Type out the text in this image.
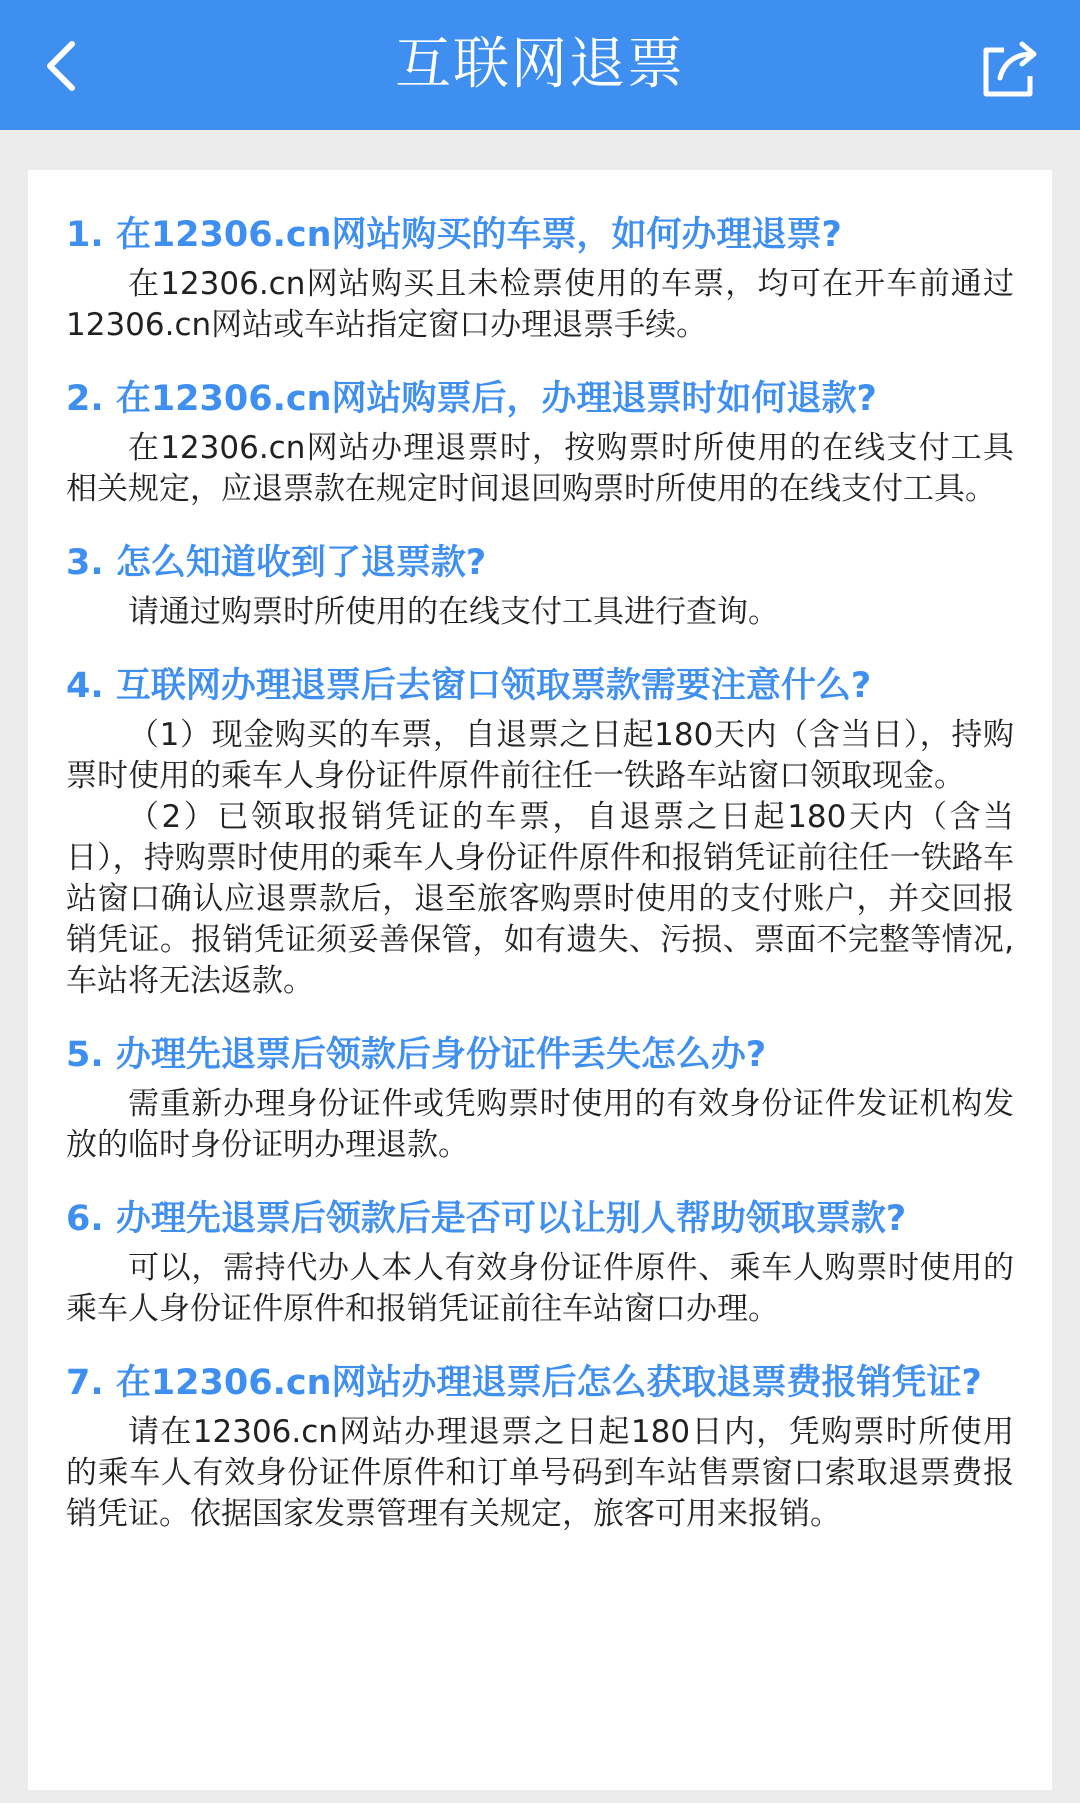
互联网退票
1. 在12306.cn网站购买的车票，如何办理退票?

在12306.cn网站购买且未检票使用的车票，均可在开车前通过12306.cn网站或车站指定窗口办理退票手续。

2. 在12306.cn网站购票后，办理退票时如何退款?

在12306.cn网站办理退票时，按购票时所使用的在线支付工具相关规定，应退票款在规定时间退回购票时所使用的在线支付工具。

3. 怎么知道收到了退票款?

请通过购票时所使用的在线支付工具进行查询。

4. 互联网办理退票后去窗口领取票款需要注意什么?

（1）现金购买的车票，自退票之日起180天内（含当日），持购票时使用的乘车人身份证件原件前往任一铁路车站窗口领取现金。

（2）已领取报销凭证的车票，自退票之日起180天内（含当日），持购票时使用的乘车人身份证件原件和报销凭证前往任一铁路车站窗口确认应退票款后，退至旅客购票时使用的支付账户，并交回报销凭证。报销凭证须妥善保管，如有遗失、污损、票面不完整等情况,车站将无法返款。

5. 办理先退票后领款后身份证件丢失怎么办?

需重新办理身份证件或凭购票时使用的有效身份证件发证机构发放的临时身份证明办理退款。

6. 办理先退票后领款后是否可以让别人帮助领取票款?

可以，需持代办人本人有效身份证件原件、乘车人购票时使用的乘车人身份证件原件和报销凭证前往车站窗口办理。

7. 在12306.cn网站办理退票后怎么获取退票费报销凭证?

请在12306.cn网站办理退票之日起180日内，凭购票时所使用的乘车人有效身份证件原件和订单号码到车站售票窗口索取退票费报销凭证。依据国家发票管理有关规定，旅客可用来报销。
